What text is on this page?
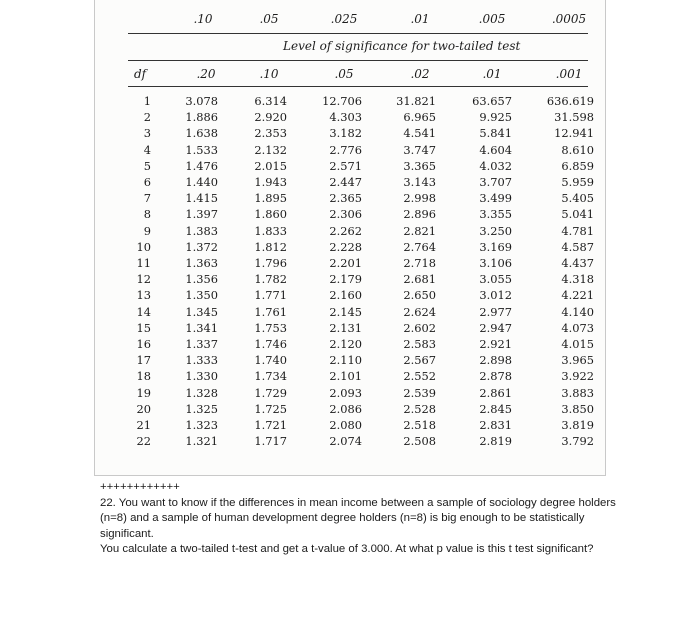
.10	.05	.025	.01	.005	.0005
Level of significance for two-tailed test
df	.20	.10	.05	.02	.01	.001
1	3.078	6.314	12.706	31.821	63.657	636.619
2	1.886	2.920	4.303	6.965	9.925	31.598
3	1.638	2.353	3.182	4.541	5.841	12.941
4	1.533	2.132	2.776	3.747	4.604	8.610
5	1.476	2.015	2.571	3.365	4.032	6.859
6	1.440	1.943	2.447	3.143	3.707	5.959
7	1.415	1.895	2.365	2.998	3.499	5.405
8	1.397	1.860	2.306	2.896	3.355	5.041
9	1.383	1.833	2.262	2.821	3.250	4.781
10	1.372	1.812	2.228	2.764	3.169	4.587
11	1.363	1.796	2.201	2.718	3.106	4.437
12	1.356	1.782	2.179	2.681	3.055	4.318
13	1.350	1.771	2.160	2.650	3.012	4.221
14	1.345	1.761	2.145	2.624	2.977	4.140
15	1.341	1.753	2.131	2.602	2.947	4.073
16	1.337	1.746	2.120	2.583	2.921	4.015
17	1.333	1.740	2.110	2.567	2.898	3.965
18	1.330	1.734	2.101	2.552	2.878	3.922
19	1.328	1.729	2.093	2.539	2.861	3.883
20	1.325	1.725	2.086	2.528	2.845	3.850
21	1.323	1.721	2.080	2.518	2.831	3.819
22	1.321	1.717	2.074	2.508	2.819	3.792

++++++++++++

22. You want to know if the differences in mean income between a sample of sociology degree holders (n=8) and a sample of human development degree holders (n=8) is big enough to be statistically significant.

You calculate a two-tailed t-test and get a t-value of 3.000. At what p value is this t test significant?
